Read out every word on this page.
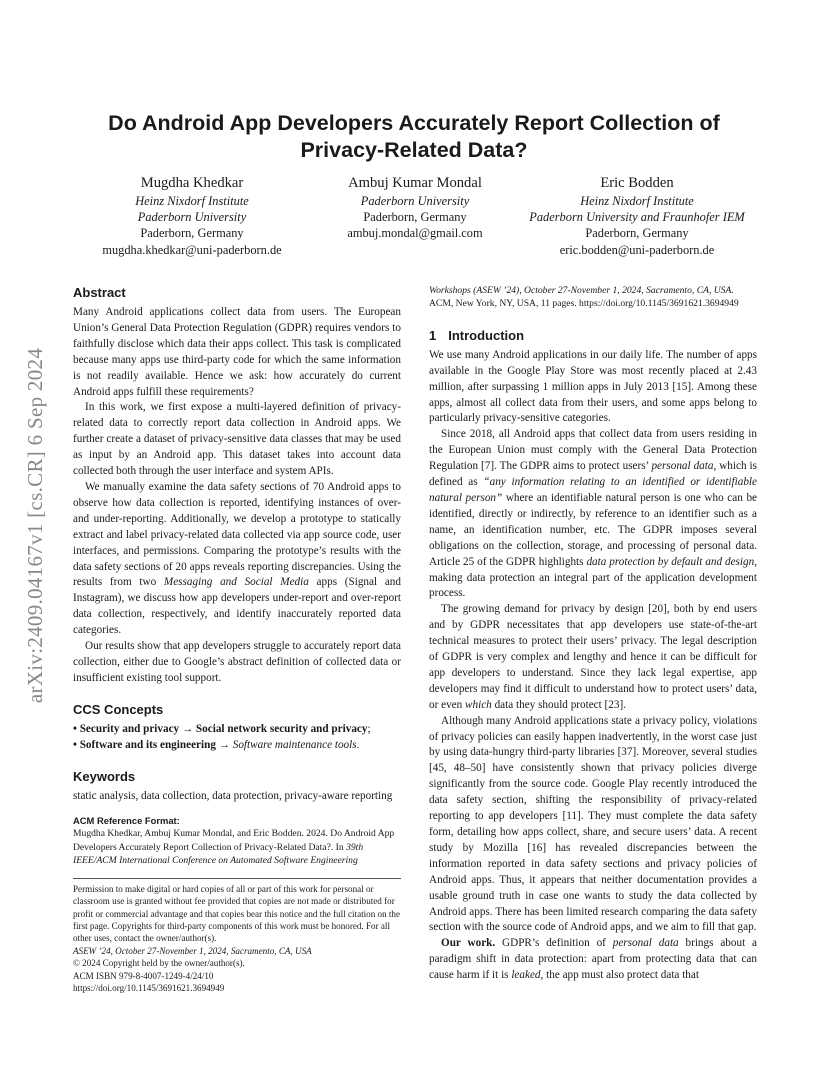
arXiv:2409.04167v1 [cs.CR] 6 Sep 2024
Do Android App Developers Accurately Report Collection of Privacy-Related Data?
Mugdha Khedkar
Heinz Nixdorf Institute
Paderborn University
Paderborn, Germany
mugdha.khedkar@uni-paderborn.de
Ambuj Kumar Mondal
Paderborn University
Paderborn, Germany
ambuj.mondal@gmail.com
Eric Bodden
Heinz Nixdorf Institute
Paderborn University and Fraunhofer IEM
Paderborn, Germany
eric.bodden@uni-paderborn.de
Abstract

Many Android applications collect data from users. The European Union’s General Data Protection Regulation (GDPR) requires vendors to faithfully disclose which data their apps collect. This task is complicated because many apps use third-party code for which the same information is not readily available. Hence we ask: how accurately do current Android apps fulfill these requirements?

In this work, we first expose a multi-layered definition of privacy-related data to correctly report data collection in Android apps. We further create a dataset of privacy-sensitive data classes that may be used as input by an Android app. This dataset takes into account data collected both through the user interface and system APIs.

We manually examine the data safety sections of 70 Android apps to observe how data collection is reported, identifying instances of over- and under-reporting. Additionally, we develop a prototype to statically extract and label privacy-related data collected via app source code, user interfaces, and permissions. Comparing the prototype’s results with the data safety sections of 20 apps reveals reporting discrepancies. Using the results from two Messaging and Social Media apps (Signal and Instagram), we discuss how app developers under-report and over-report data collection, respectively, and identify inaccurately reported data categories.

Our results show that app developers struggle to accurately report data collection, either due to Google’s abstract definition of collected data or insufficient existing tool support.

CCS Concepts

• Security and privacy → Social network security and privacy;

• Software and its engineering → Software maintenance tools.

Keywords

static analysis, data collection, data protection, privacy-aware reporting

ACM Reference Format:

Mugdha Khedkar, Ambuj Kumar Mondal, and Eric Bodden. 2024. Do Android App Developers Accurately Report Collection of Privacy-Related Data?. In 39th IEEE/ACM International Conference on Automated Software Engineering

Permission to make digital or hard copies of all or part of this work for personal or classroom use is granted without fee provided that copies are not made or distributed for profit or commercial advantage and that copies bear this notice and the full citation on the first page. Copyrights for third-party components of this work must be honored. For all other uses, contact the owner/author(s).

ASEW ’24, October 27-November 1, 2024, Sacramento, CA, USA

© 2024 Copyright held by the owner/author(s).

ACM ISBN 979-8-4007-1249-4/24/10

https://doi.org/10.1145/3691621.3694949

Workshops (ASEW ’24), October 27-November 1, 2024, Sacramento, CA, USA. ACM, New York, NY, USA, 11 pages. https://doi.org/10.1145/3691621.3694949

1 Introduction

We use many Android applications in our daily life. The number of apps available in the Google Play Store was most recently placed at 2.43 million, after surpassing 1 million apps in July 2013 [15]. Among these apps, almost all collect data from their users, and some apps belong to particularly privacy-sensitive categories.

Since 2018, all Android apps that collect data from users residing in the European Union must comply with the General Data Protection Regulation [7]. The GDPR aims to protect users’ personal data, which is defined as “any information relating to an identified or identifiable natural person” where an identifiable natural person is one who can be identified, directly or indirectly, by reference to an identifier such as a name, an identification number, etc. The GDPR imposes several obligations on the collection, storage, and processing of personal data. Article 25 of the GDPR highlights data protection by default and design, making data protection an integral part of the application development process.

The growing demand for privacy by design [20], both by end users and by GDPR necessitates that app developers use state-of-the-art technical measures to protect their users’ privacy. The legal description of GDPR is very complex and lengthy and hence it can be difficult for app developers to understand. Since they lack legal expertise, app developers may find it difficult to understand how to protect users’ data, or even which data they should protect [23].

Although many Android applications state a privacy policy, violations of privacy policies can easily happen inadvertently, in the worst case just by using data-hungry third-party libraries [37]. Moreover, several studies [45, 48–50] have consistently shown that privacy policies diverge significantly from the source code. Google Play recently introduced the data safety section, shifting the responsibility of privacy-related reporting to app developers [11]. They must complete the data safety form, detailing how apps collect, share, and secure users’ data. A recent study by Mozilla [16] has revealed discrepancies between the information reported in data safety sections and privacy policies of Android apps. Thus, it appears that neither documentation provides a usable ground truth in case one wants to study the data collected by Android apps. There has been limited research comparing the data safety section with the source code of Android apps, and we aim to fill that gap.

Our work. GDPR’s definition of personal data brings about a paradigm shift in data protection: apart from protecting data that can cause harm if it is leaked, the app must also protect data that
